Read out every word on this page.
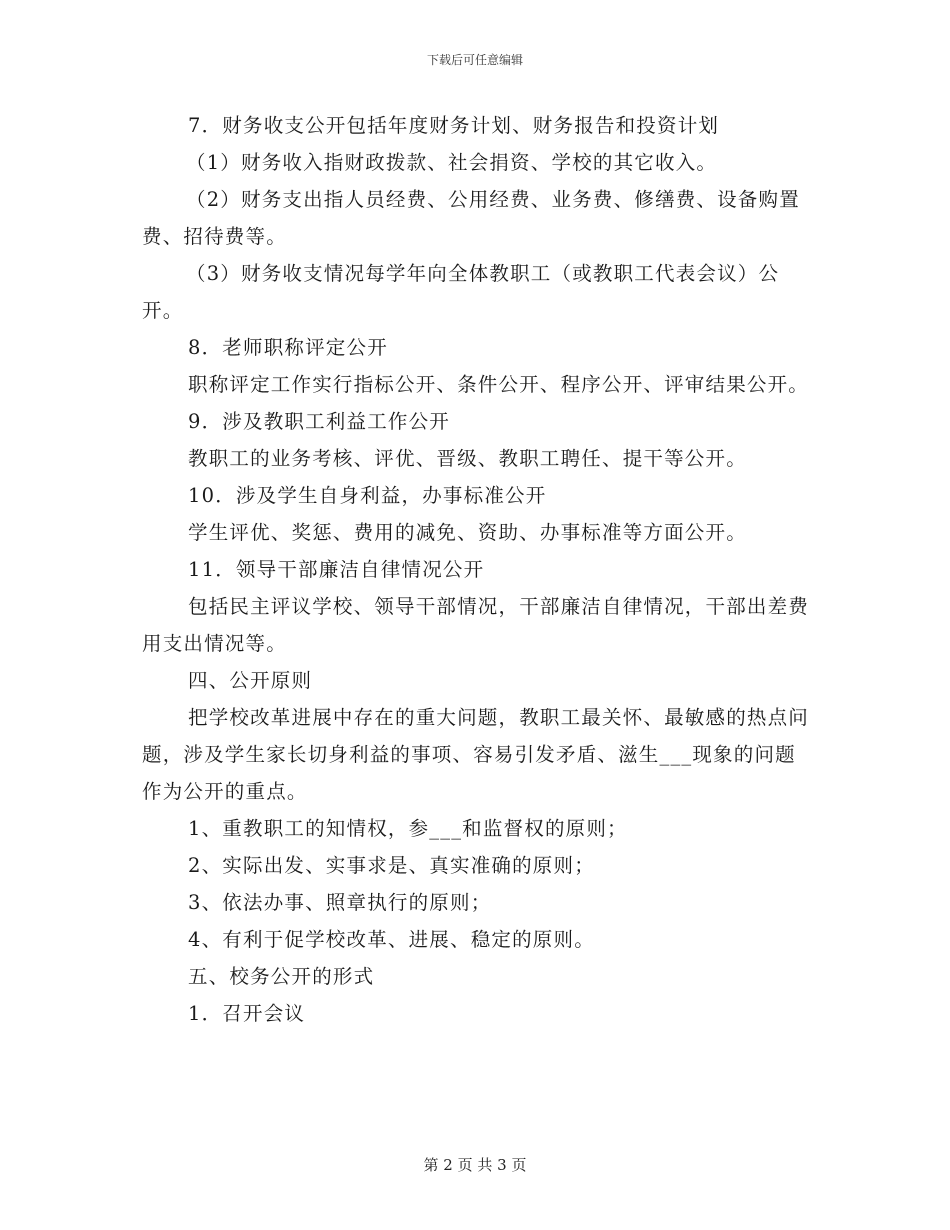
下载后可任意编辑

7．财务收支公开包括年度财务计划、财务报告和投资计划

（1）财务收入指财政拨款、社会捐资、学校的其它收入。

（2）财务支出指人员经费、公用经费、业务费、修缮费、设备购置费、招待费等。

（3）财务收支情况每学年向全体教职工（或教职工代表会议）公开。

8．老师职称评定公开

职称评定工作实行指标公开、条件公开、程序公开、评审结果公开。

9．涉及教职工利益工作公开

教职工的业务考核、评优、晋级、教职工聘任、提干等公开。

10．涉及学生自身利益，办事标准公开

学生评优、奖惩、费用的减免、资助、办事标准等方面公开。

11．领导干部廉洁自律情况公开

包括民主评议学校、领导干部情况，干部廉洁自律情况，干部出差费用支出情况等。

四、公开原则

把学校改革进展中存在的重大问题，教职工最关怀、最敏感的热点问题，涉及学生家长切身利益的事项、容易引发矛盾、滋生___现象的问题作为公开的重点。

1、重教职工的知情权，参___和监督权的原则；

2、实际出发、实事求是、真实准确的原则；

3、依法办事、照章执行的原则；

4、有利于促学校改革、进展、稳定的原则。

五、校务公开的形式

1．召开会议

第 2 页 共 3 页
